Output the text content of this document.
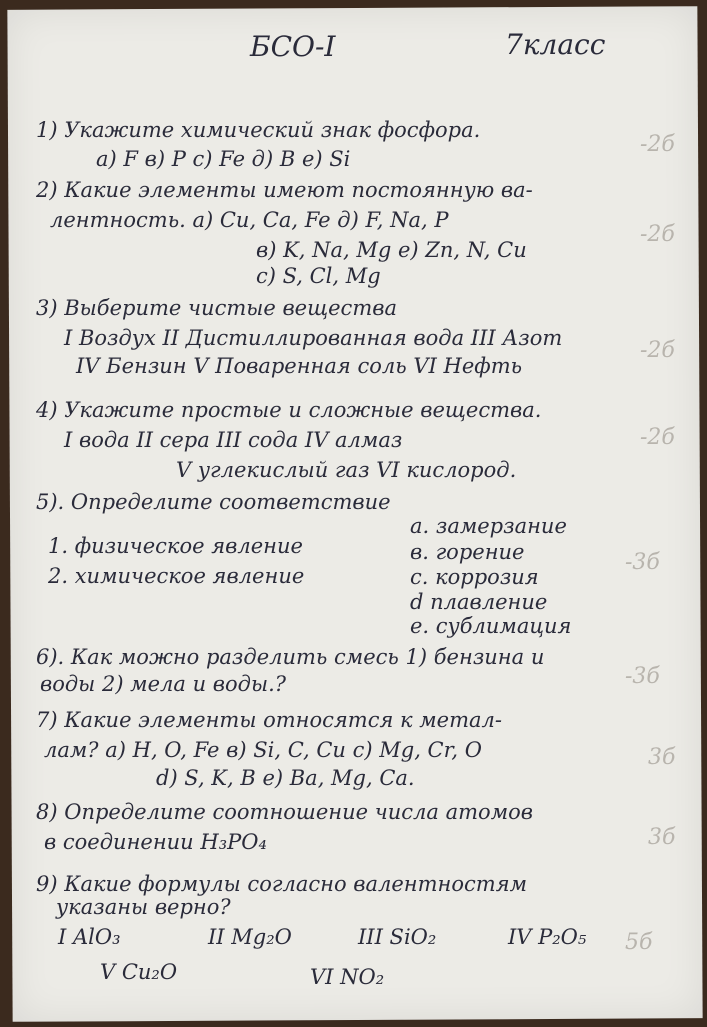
БСО-I	7класс
1) Укажите химический знак фосфора.
а) F в) P с) Fe д) B е) Si
-2б
2) Какие элементы имеют постоянную ва-
лентность. а) Cu, Ca, Fe д) F, Na, P
в) K, Na, Mg е) Zn, N, Cu
с) S, Cl, Mg
-2б
3) Выберите чистые вещества
I Воздух II Дистиллированная вода III Азот
IV Бензин V Поваренная соль VI Нефть
-2б
4) Укажите простые и сложные вещества.
I вода II сера III сода IV алмаз
V углекислый газ VI кислород.
-2б
5). Определите соответствие
1. физическое явление
2. химическое явление
а. замерзание
в. горение
с. коррозия
d плавление
е. сублимация
-3б
6). Как можно разделить смесь 1) бензина и
воды 2) мела и воды.?	-3б
7) Какие элементы относятся к метал-
лам? а) H, O, Fe в) Si, C, Cu с) Mg, Cr, O
d) S, K, B е) Ba, Mg, Ca.
3б
8) Определите соотношение числа атомов
в соединении H₃PO₄	3б
9) Какие формулы согласно валентностям
указаны верно?
I AlO₃	II Mg₂O	III SiO₂	IV P₂O₅
V Cu₂O	VI NO₂
5б
